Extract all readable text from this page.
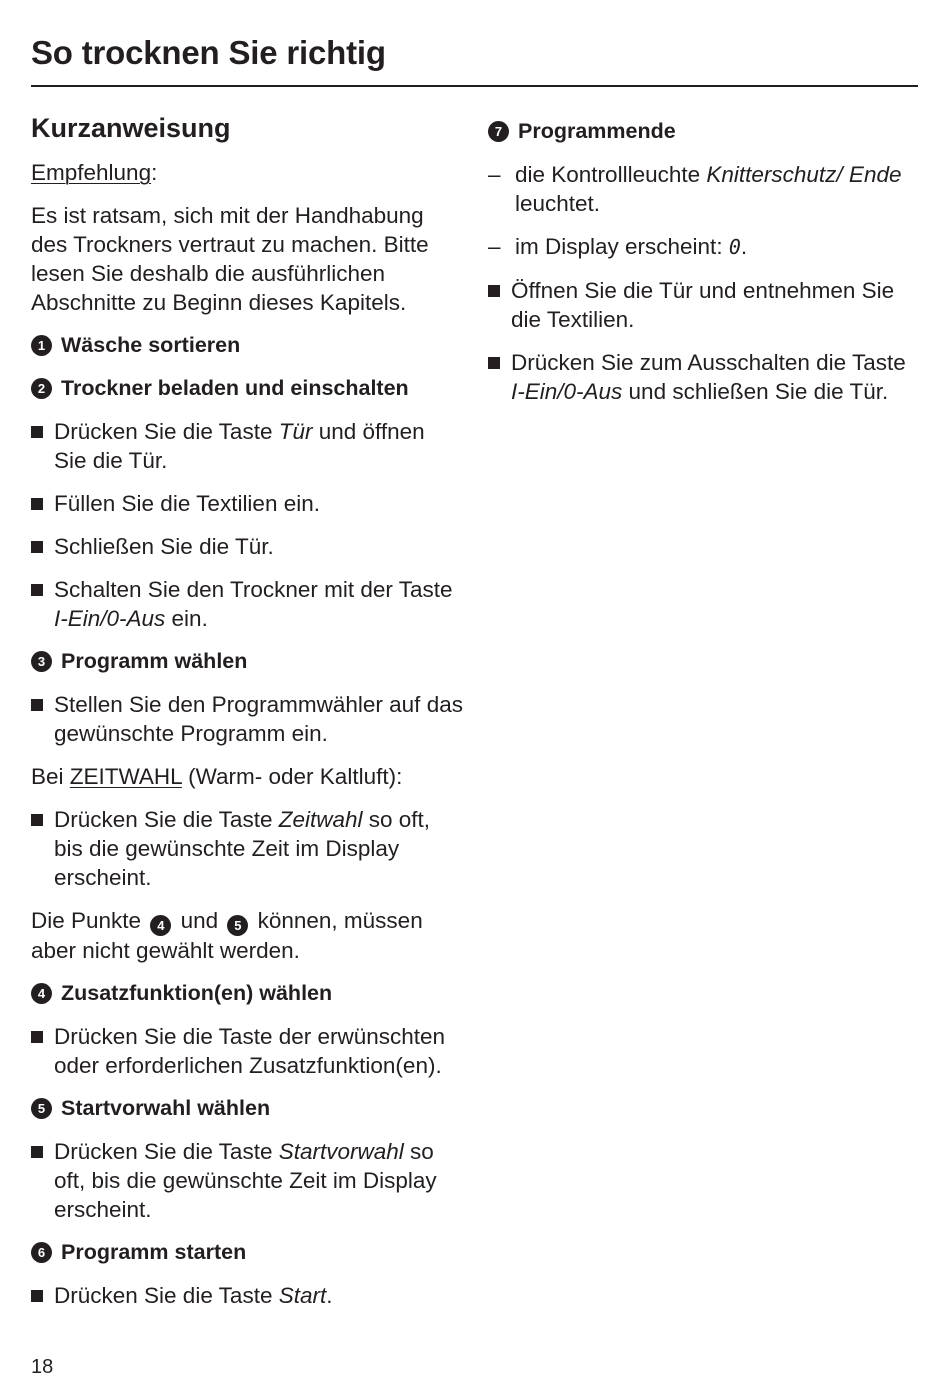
So trocknen Sie richtig
Kurzanweisung
Empfehlung:
Es ist ratsam, sich mit der Handhabung des Trockners vertraut zu machen. Bitte lesen Sie deshalb die ausführlichen Abschnitte zu Beginn dieses Kapitels.
1 Wäsche sortieren
2 Trockner beladen und einschalten
Drücken Sie die Taste Tür und öffnen Sie die Tür.
Füllen Sie die Textilien ein.
Schließen Sie die Tür.
Schalten Sie den Trockner mit der Taste I-Ein/0-Aus ein.
3 Programm wählen
Stellen Sie den Programmwähler auf das gewünschte Programm ein.
Bei ZEITWAHL (Warm- oder Kaltluft):
Drücken Sie die Taste Zeitwahl so oft, bis die gewünschte Zeit im Display erscheint.
Die Punkte 4 und 5 können, müssen aber nicht gewählt werden.
4 Zusatzfunktion(en) wählen
Drücken Sie die Taste der erwünschten oder erforderlichen Zusatzfunktion(en).
5 Startvorwahl wählen
Drücken Sie die Taste Startvorwahl so oft, bis die gewünschte Zeit im Display erscheint.
6 Programm starten
Drücken Sie die Taste Start.
7 Programmende
– die Kontrollleuchte Knitterschutz/ Ende leuchtet.
– im Display erscheint: 0.
Öffnen Sie die Tür und entnehmen Sie die Textilien.
Drücken Sie zum Ausschalten die Taste I-Ein/0-Aus und schließen Sie die Tür.
18
